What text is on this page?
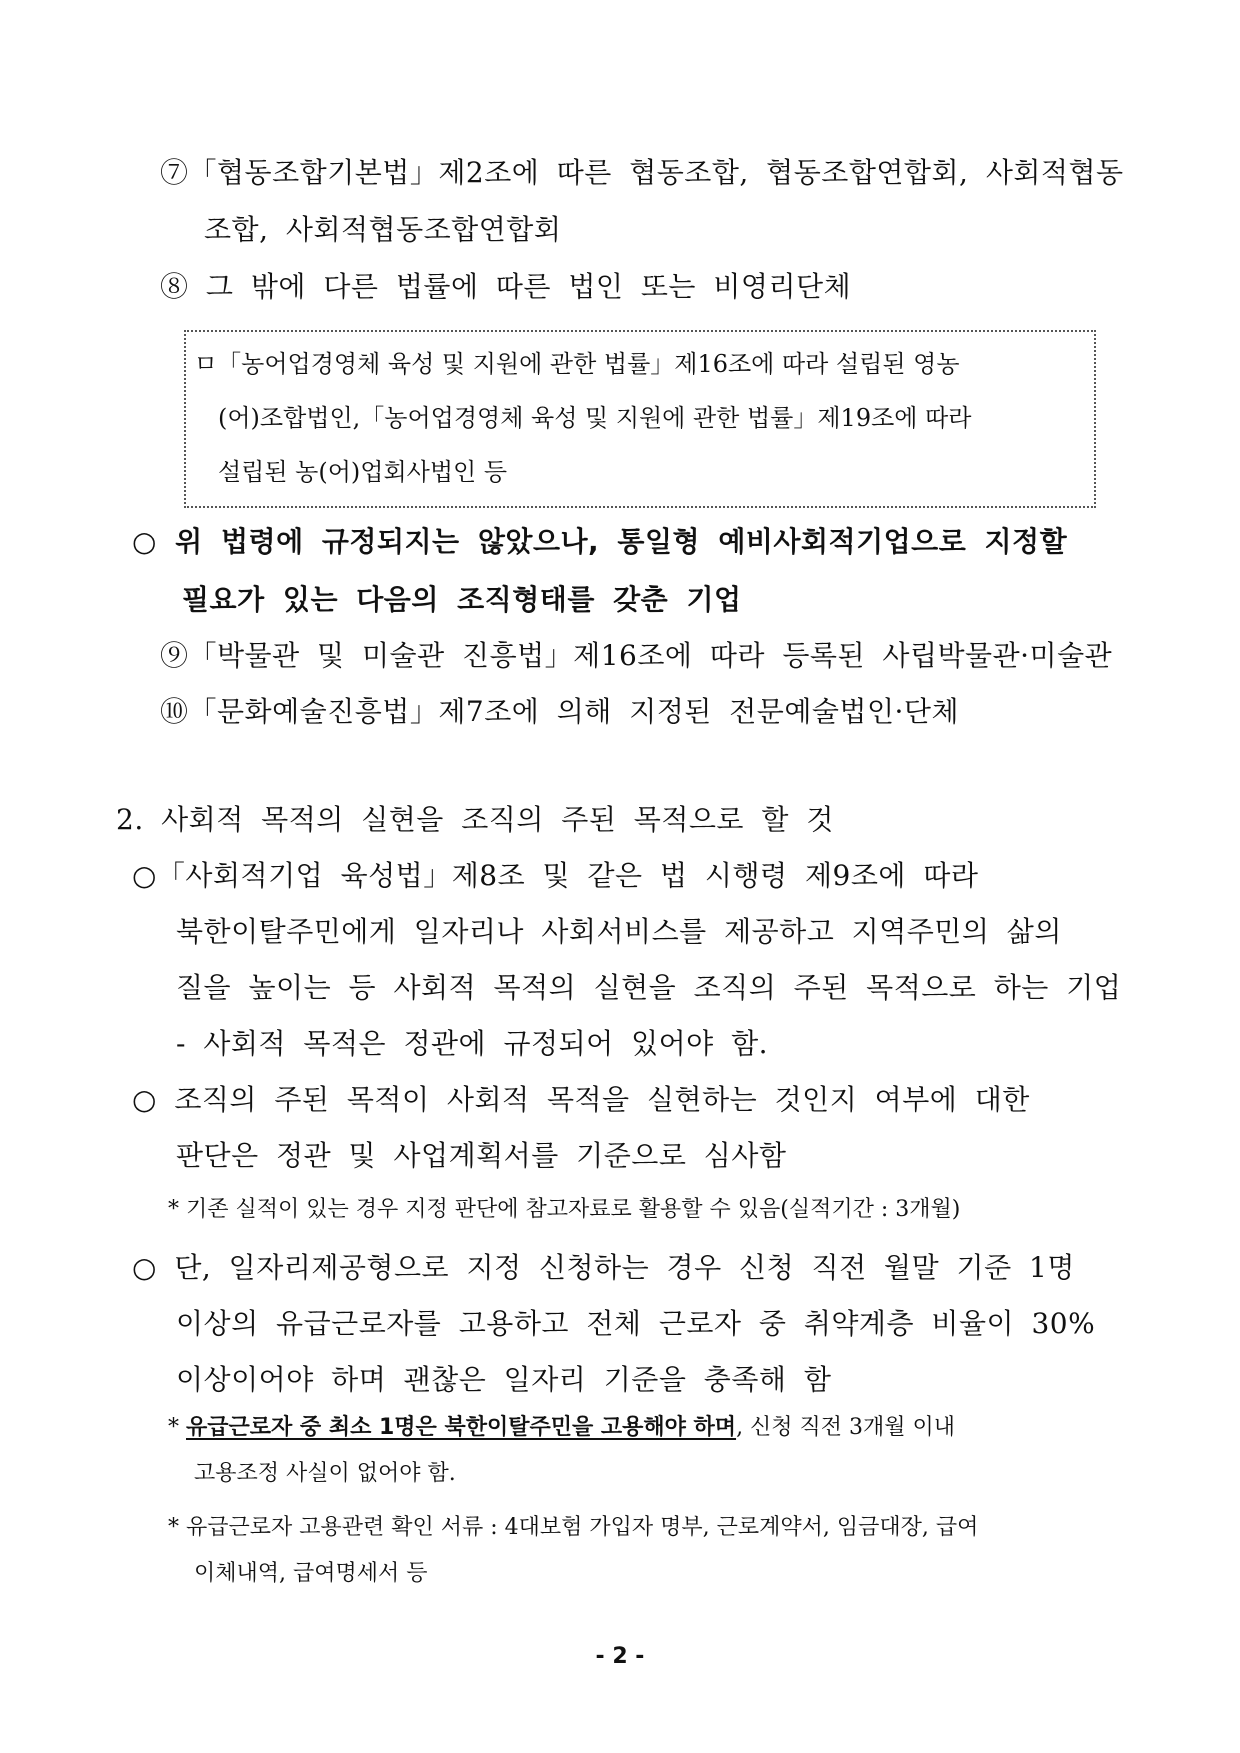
⑦「협동조합기본법」제2조에 따른 협동조합, 협동조합연합회, 사회적협동
조합, 사회적협동조합연합회
⑧ 그 밖에 다른 법률에 따른 법인 또는 비영리단체
ㅁ「농어업경영체 육성 및 지원에 관한 법률」제16조에 따라 설립된 영농
(어)조합법인,「농어업경영체 육성 및 지원에 관한 법률」제19조에 따라
설립된 농(어)업회사법인 등
○ 위 법령에 규정되지는 않았으나, 통일형 예비사회적기업으로 지정할
필요가 있는 다음의 조직형태를 갖춘 기업
⑨「박물관 및 미술관 진흥법」제16조에 따라 등록된 사립박물관·미술관
⑩「문화예술진흥법」제7조에 의해 지정된 전문예술법인·단체
2. 사회적 목적의 실현을 조직의 주된 목적으로 할 것
○「사회적기업 육성법」제8조 및 같은 법 시행령 제9조에 따라
북한이탈주민에게 일자리나 사회서비스를 제공하고 지역주민의 삶의
질을 높이는 등 사회적 목적의 실현을 조직의 주된 목적으로 하는 기업
- 사회적 목적은 정관에 규정되어 있어야 함.
○ 조직의 주된 목적이 사회적 목적을 실현하는 것인지 여부에 대한
판단은 정관 및 사업계획서를 기준으로 심사함
* 기존 실적이 있는 경우 지정 판단에 참고자료로 활용할 수 있음(실적기간 : 3개월)
○ 단, 일자리제공형으로 지정 신청하는 경우 신청 직전 월말 기준 1명
이상의 유급근로자를 고용하고 전체 근로자 중 취약계층 비율이 30%
이상이어야 하며 괜찮은 일자리 기준을 충족해 함
* 유급근로자 중 최소 1명은 북한이탈주민을 고용해야 하며, 신청 직전 3개월 이내
고용조정 사실이 없어야 함.
* 유급근로자 고용관련 확인 서류 : 4대보험 가입자 명부, 근로계약서, 임금대장, 급여
이체내역, 급여명세서 등
- 2 -
